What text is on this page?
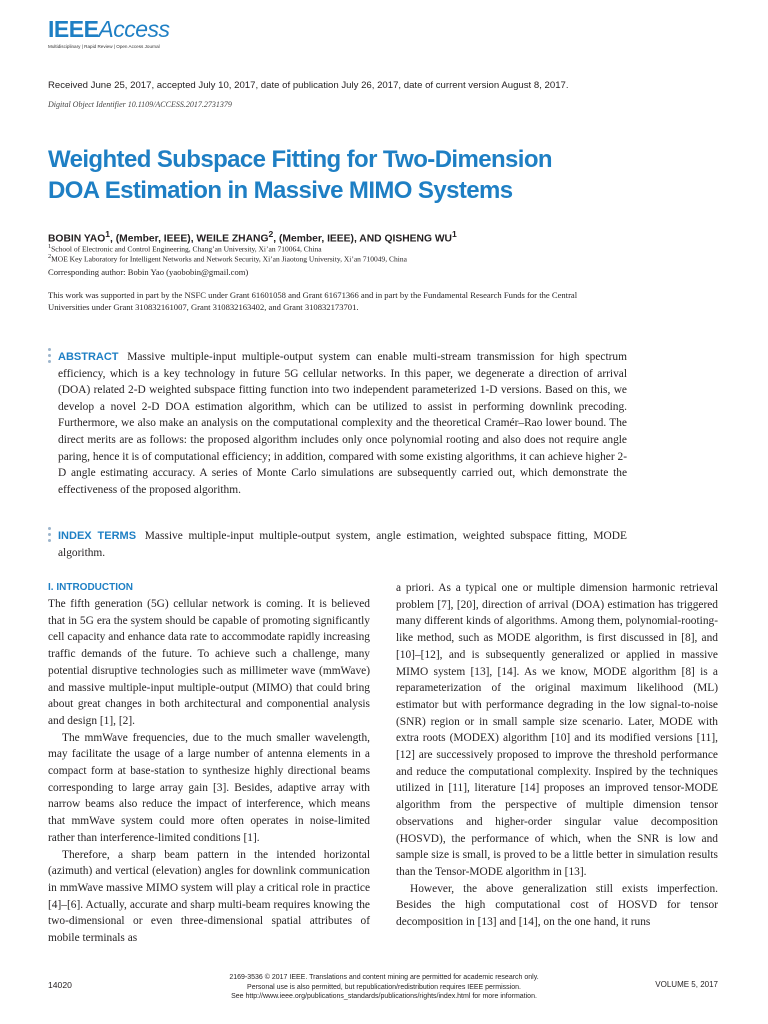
IEEEAccess
Multidisciplinary | Rapid Review | Open Access Journal
Received June 25, 2017, accepted July 10, 2017, date of publication July 26, 2017, date of current version August 8, 2017.
Digital Object Identifier 10.1109/ACCESS.2017.2731379
Weighted Subspace Fitting for Two-Dimension
DOA Estimation in Massive MIMO Systems
BOBIN YAO$^1$, (Member, IEEE), WEILE ZHANG$^2$, (Member, IEEE), AND QISHENG $WU^1$
$^1$School of Electronic and Control Engineering, Chang’an University, Xi’an 710064, China
$^2$MOE Key Laboratory for Intelligent Networks and Network Security, Xi’an Jiaotong University, Xi’an 710049, China
Corresponding author: Bobin Yao (yaobobin@gmail.com)
This work was supported in part by the NSFC under Grant 61601058 and Grant 61671366 and in part by the Fundamental Research Funds for the Central Universities under Grant 310832161007, Grant 310832163402, and Grant 310832173701.
ABSTRACT Massive multiple-input multiple-output system can enable multi-stream transmission for high spectrum efficiency, which is a key technology in future 5G cellular networks. In this paper, we degenerate a direction of arrival (DOA) related 2-D weighted subspace fitting function into two independent parameterized 1-D versions. Based on this, we develop a novel 2-D DOA estimation algorithm, which can be utilized to assist in performing downlink precoding. Furthermore, we also make an analysis on the computational complexity and the theoretical Cramér–Rao lower bound. The direct merits are as follows: the proposed algorithm includes only once polynomial rooting and also does not require angle paring, hence it is of computational efficiency; in addition, compared with some existing algorithms, it can achieve higher 2-D angle estimating accuracy. A series of Monte Carlo simulations are subsequently carried out, which demonstrate the effectiveness of the proposed algorithm.
INDEX TERMS Massive multiple-input multiple-output system, angle estimation, weighted subspace fitting, MODE algorithm.
I. INTRODUCTION

The fifth generation (5G) cellular network is coming. It is believed that in 5G era the system should be capable of promoting significantly cell capacity and enhance data rate to accommodate rapidly increasing traffic demands of the future. To achieve such a challenge, many potential disruptive technologies such as millimeter wave (mmWave) and massive multiple-input multiple-output (MIMO) that could bring about great changes in both architectural and componential analysis and design [1], [2].

The mmWave frequencies, due to the much smaller wavelength, may facilitate the usage of a large number of antenna elements in a compact form at base-station to synthesize highly directional beams corresponding to large array gain [3]. Besides, adaptive array with narrow beams also reduce the impact of interference, which means that mmWave system could more often operates in noise-limited rather than interference-limited conditions [1].

Therefore, a sharp beam pattern in the intended horizontal (azimuth) and vertical (elevation) angles for downlink communication in mmWave massive MIMO system will play a critical role in practice [4]–[6]. Actually, accurate and sharp multi-beam requires knowing the two-dimensional or even three-dimensional spatial attributes of mobile terminals as

a priori. As a typical one or multiple dimension harmonic retrieval problem [7], [20], direction of arrival (DOA) estimation has triggered many different kinds of algorithms. Among them, polynomial-rooting-like method, such as MODE algorithm, is first discussed in [8], and [10]–[12], and is subsequently generalized or applied in massive MIMO system [13], [14]. As we know, MODE algorithm [8] is a reparameterization of the original maximum likelihood (ML) estimator but with performance degrading in the low signal-to-noise (SNR) region or in small sample size scenario. Later, MODE with extra roots (MODEX) algorithm [10] and its modified versions [11], [12] are successively proposed to improve the threshold performance and reduce the computational complexity. Inspired by the techniques utilized in [11], literature [14] proposes an improved tensor-MODE algorithm from the perspective of multiple dimension tensor observations and higher-order singular value decomposition (HOSVD), the performance of which, when the SNR is low and sample size is small, is proved to be a little better in simulation results than the Tensor-MODE algorithm in [13].

However, the above generalization still exists imperfection. Besides the high computational cost of HOSVD for tensor decomposition in [13] and [14], on the one hand, it runs

14020
2169-3536 © 2017 IEEE. Translations and content mining are permitted for academic research only.
Personal use is also permitted, but republication/redistribution requires IEEE permission.
See http://www.ieee.org/publications_standards/publications/rights/index.html for more information.
VOLUME 5, 2017
